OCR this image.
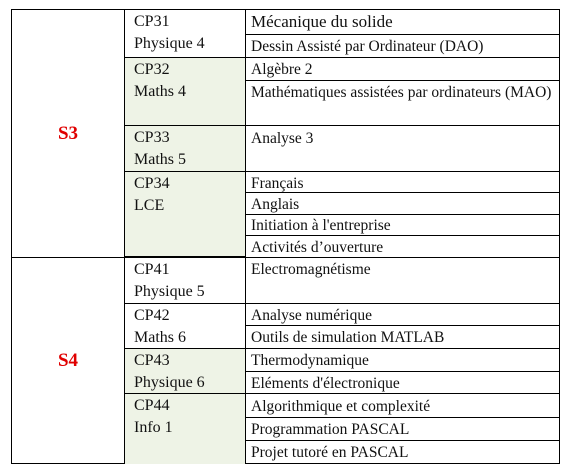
S3
S4
CP31
Physique 4
CP32
Maths 4
CP33
Maths 5
CP34
LCE
Mécanique du solide
Dessin Assisté par Ordinateur (DAO)
Algèbre 2
Mathématiques assistées par ordinateurs (MAO)
Analyse 3
Français
Anglais
Initiation à l'entreprise
Activités d’ouverture
CP41
Physique 5
CP42
Maths 6
CP43
Physique 6
CP44
Info 1
Electromagnétisme
Analyse numérique
Outils de simulation MATLAB
Thermodynamique
Eléments d'électronique
Algorithmique et complexité
Programmation PASCAL
Projet tutoré en PASCAL
